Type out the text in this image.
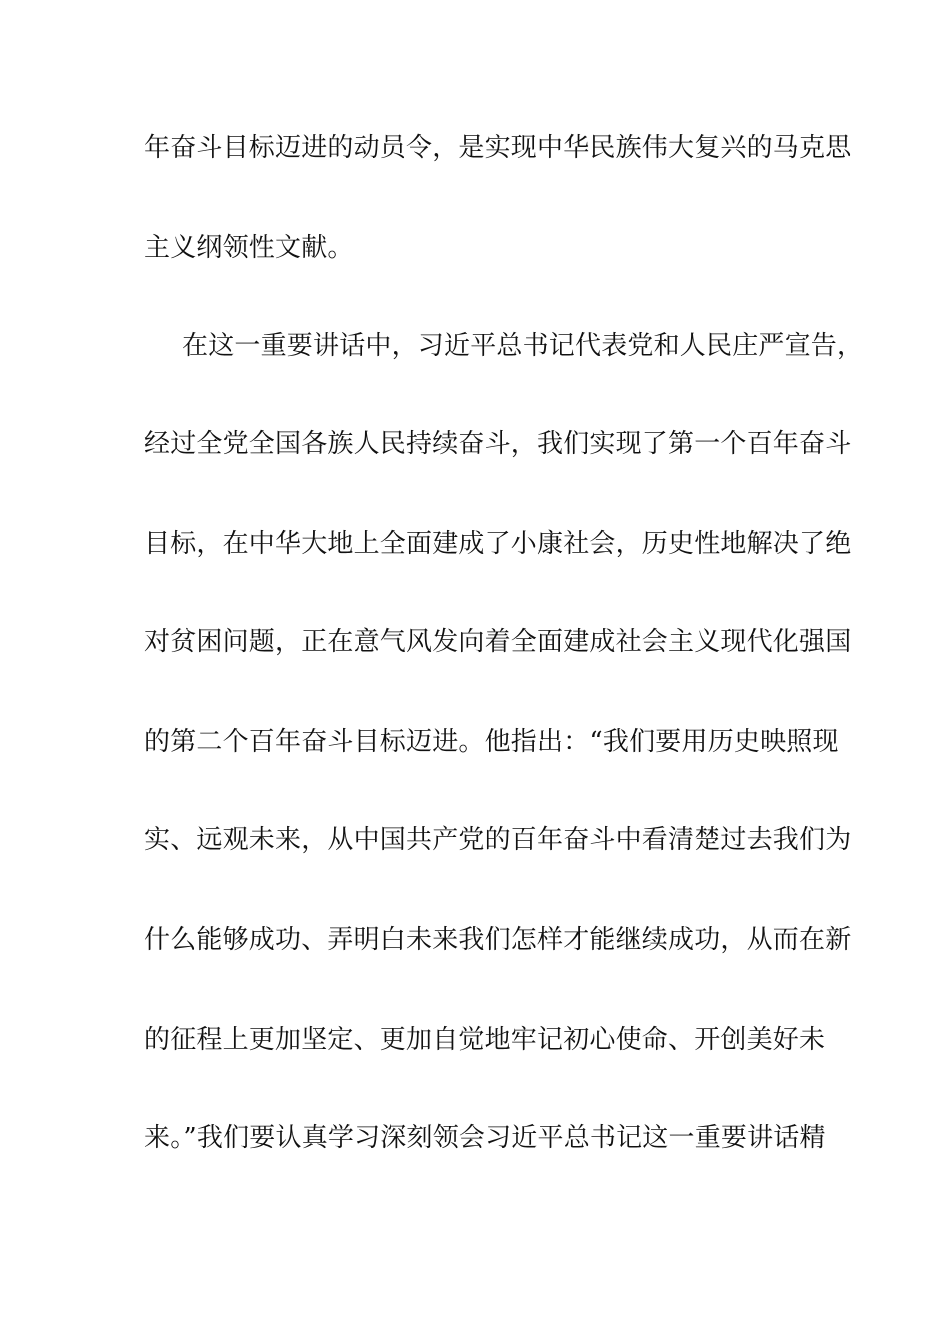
年奋斗目标迈进的动员令，是实现中华民族伟大复兴的马克思
主义纲领性文献。
在这一重要讲话中，习近平总书记代表党和人民庄严宣告，
经过全党全国各族人民持续奋斗，我们实现了第一个百年奋斗
目标，在中华大地上全面建成了小康社会，历史性地解决了绝
对贫困问题，正在意气风发向着全面建成社会主义现代化强国
的第二个百年奋斗目标迈进。他指出：“我们要用历史映照现
实、远观未来，从中国共产党的百年奋斗中看清楚过去我们为
什么能够成功、弄明白未来我们怎样才能继续成功，从而在新
的征程上更加坚定、更加自觉地牢记初心使命、开创美好未
来。”我们要认真学习深刻领会习近平总书记这一重要讲话精
